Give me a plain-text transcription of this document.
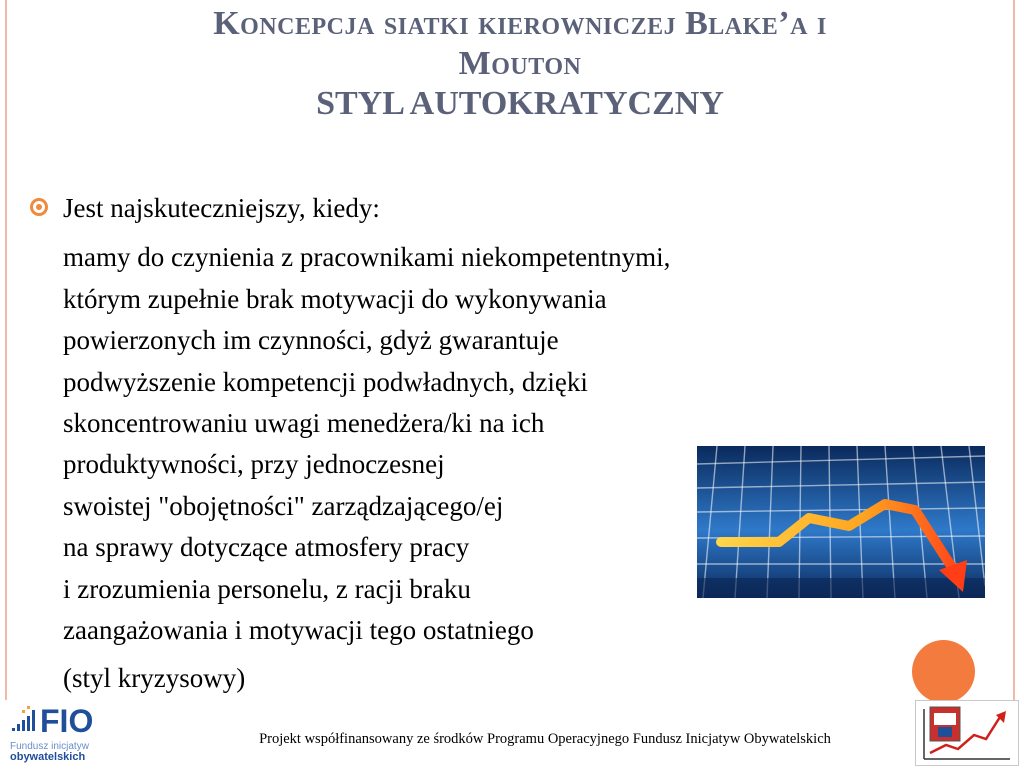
Koncepcja siatki kierowniczej Blake’a i
Mouton
STYL AUTOKRATYCZNY
Jest najskuteczniejszy, kiedy:
mamy do czynienia z pracownikami niekompetentnymi,
którym zupełnie brak motywacji do wykonywania
powierzonych im czynności, gdyż gwarantuje
podwyższenie kompetencji podwładnych, dzięki
skoncentrowaniu uwagi menedżera/ki na ich
produktywności, przy jednoczesnej
swoistej "obojętności" zarządzającego/ej
na sprawy dotyczące atmosfery pracy
i zrozumienia personelu, z racji braku
zaangażowania i motywacji tego ostatniego
(styl kryzysowy)
FIO
Fundusz inicjatyw
obywatelskich
Projekt współfinansowany ze środków Programu Operacyjnego Fundusz Inicjatyw Obywatelskich
